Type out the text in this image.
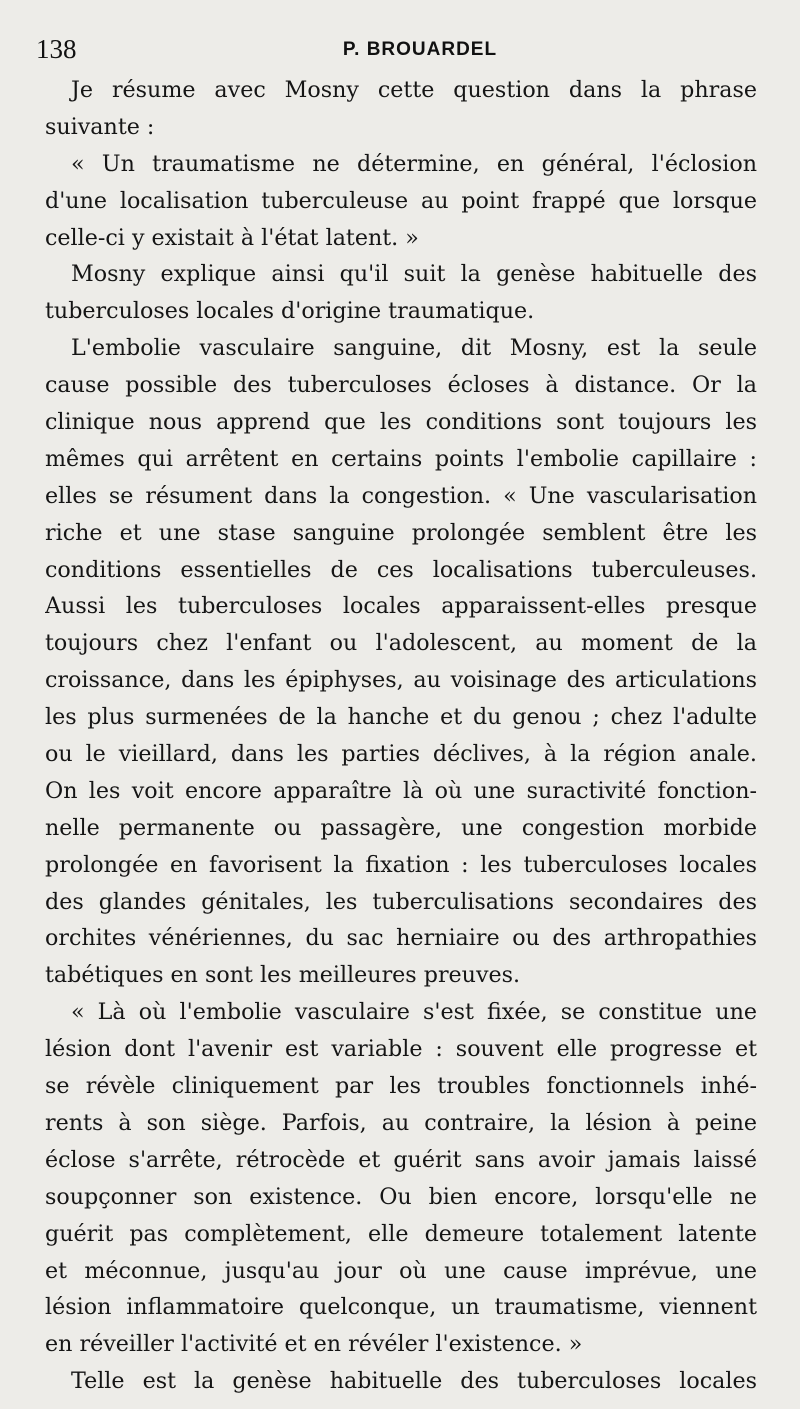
138	P. BROUARDEL
Je résume avec Mosny cette question dans la phrase
suivante :
« Un traumatisme ne détermine, en général, l'éclosion
d'une localisation tuberculeuse au point frappé que lorsque
celle-ci y existait à l'état latent. »
Mosny explique ainsi qu'il suit la genèse habituelle des
tuberculoses locales d'origine traumatique.
L'embolie vasculaire sanguine, dit Mosny, est la seule
cause possible des tuberculoses écloses à distance. Or la
clinique nous apprend que les conditions sont toujours les
mêmes qui arrêtent en certains points l'embolie capillaire :
elles se résument dans la congestion. « Une vascularisation
riche et une stase sanguine prolongée semblent être les
conditions essentielles de ces localisations tuberculeuses.
Aussi les tuberculoses locales apparaissent-elles presque
toujours chez l'enfant ou l'adolescent, au moment de la
croissance, dans les épiphyses, au voisinage des articulations
les plus surmenées de la hanche et du genou ; chez l'adulte
ou le vieillard, dans les parties déclives, à la région anale.
On les voit encore apparaître là où une suractivité fonction-
nelle permanente ou passagère, une congestion morbide
prolongée en favorisent la fixation : les tuberculoses locales
des glandes génitales, les tuberculisations secondaires des
orchites vénériennes, du sac herniaire ou des arthropathies
tabétiques en sont les meilleures preuves.
« Là où l'embolie vasculaire s'est fixée, se constitue une
lésion dont l'avenir est variable : souvent elle progresse et
se révèle cliniquement par les troubles fonctionnels inhé-
rents à son siège. Parfois, au contraire, la lésion à peine
éclose s'arrête, rétrocède et guérit sans avoir jamais laissé
soupçonner son existence. Ou bien encore, lorsqu'elle ne
guérit pas complètement, elle demeure totalement latente
et méconnue, jusqu'au jour où une cause imprévue, une
lésion inflammatoire quelconque, un traumatisme, viennent
en réveiller l'activité et en révéler l'existence. »
Telle est la genèse habituelle des tuberculoses locales
